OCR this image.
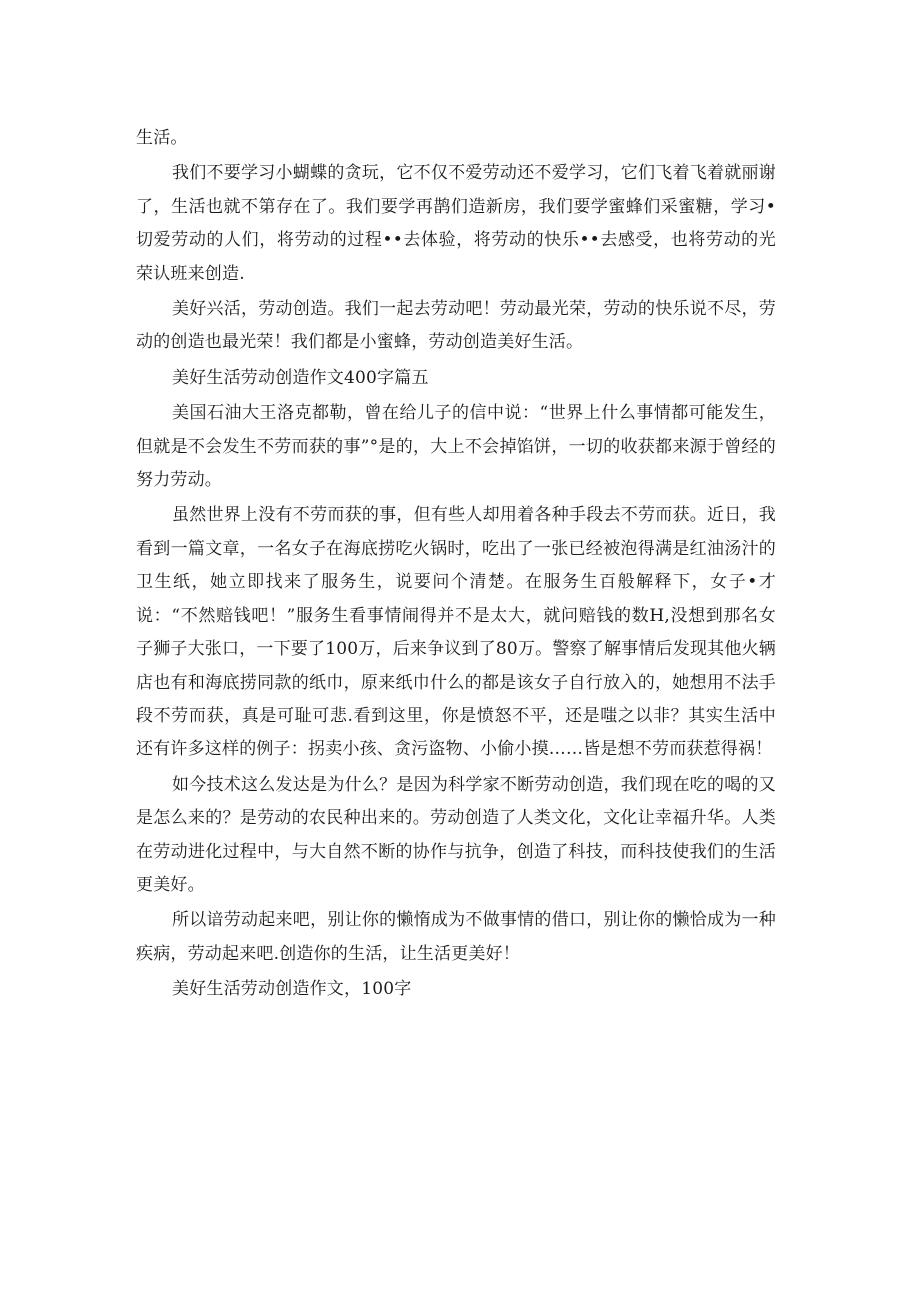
生活。

我们不要学习小蝴蝶的贪玩，它不仅不爱劳动还不爱学习，它们飞着飞着就丽谢了，生活也就不第存在了。我们要学再鹊们造新房，我们要学蜜蜂们采蜜糖，学习•切爱劳动的人们，将劳动的过程••去体验，将劳动的快乐••去感受，也将劳动的光荣认班来创造.

美好兴活，劳动创造。我们一起去劳动吧！劳动最光荣，劳动的快乐说不尽，劳动的创造也最光荣！我们都是小蜜蜂，劳动创造美好生活。

美好生活劳动创造作文400字篇五

美国石油大王洛克都勒，曾在给儿子的信中说：“世界上什么事情都可能发生，但就是不会发生不劳而获的事”°是的，大上不会掉馅饼，一切的收获都来源于曾经的努力劳动。

虽然世界上没有不劳而获的事，但有些人却用着各种手段去不劳而获。近日，我看到一篇文章，一名女子在海底捞吃火锅时，吃出了一张已经被泡得满是红油汤汁的卫生纸，她立即找来了服务生，说要问个清楚。在服务生百般解释下，女子•才说：“不然赔钱吧！”服务生看事情闹得并不是太大，就问赔钱的数H,没想到那名女子狮子大张口，一下要了100万，后来争议到了80万。警察了解事情后发现其他火辆店也有和海底捞同款的纸巾，原来纸巾什么的都是该女子自行放入的，她想用不法手段不劳而获，真是可耻可悲.看到这里，你是愤怒不平，还是嗤之以非？其实生活中还有许多这样的例子：拐卖小孩、贪污盗物、小偷小摸……皆是想不劳而获惹得祸！

如今技术这么发达是为什么？是因为科学家不断劳动创造，我们现在吃的喝的又是怎么来的？是劳动的农民种出来的。劳动创造了人类文化，文化让幸福升华。人类在劳动进化过程中，与大自然不断的协作与抗争，创造了科技，而科技使我们的生活更美好。

所以谙劳动起来吧，别让你的懒惰成为不做事情的借口，别让你的懒恰成为一种疾病，劳动起来吧.创造你的生活，让生活更美好！

美好生活劳动创造作文，100字
